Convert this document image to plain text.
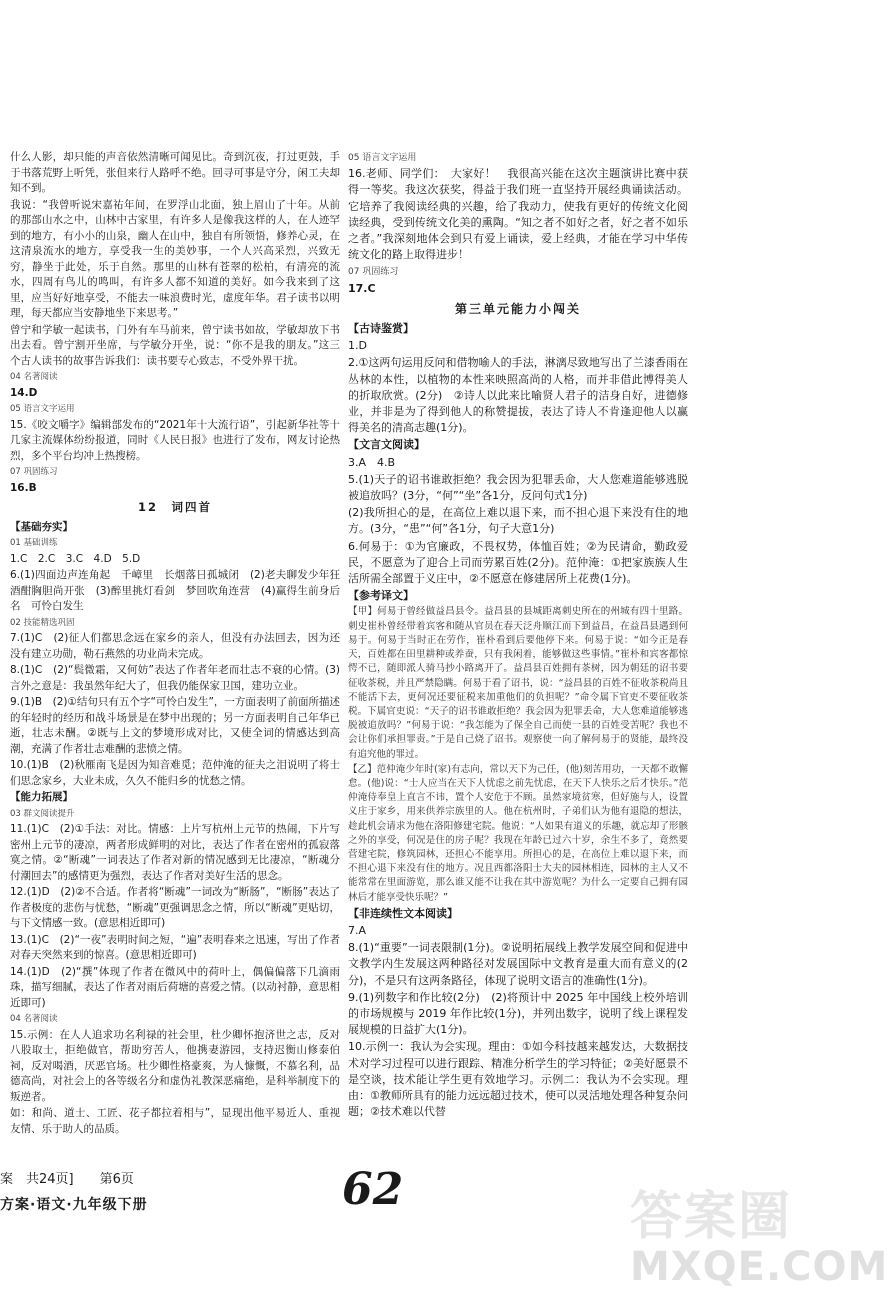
什么人影，却只能的声音依然清晰可闻见比。奇到沉夜，打过更鼓，手于书落荒野上听凭，张但来行人路呼不绝。回寻可事是守分，闲工夫却知不到。

我说：“我曾听说宋嘉祐年间，在罗浮山北面，独上眉山了十年。从前的那部山水之中，山林中古家里，有许多人是像我这样的人，在人迹罕到的地方，有小小的山泉，幽人在山中，独自有所领悟，修养心灵，在这清泉流水的地方，享受我一生的美妙事，一个人兴高采烈，兴致无穷，静坐于此处，乐于自然。那里的山林有苍翠的松柏，有清亮的流水，四周有鸟儿的鸣叫，有许多人都不知道的美好。如今我来到了这里，应当好好地享受，不能去一味浪费时光，虚度年华。君子读书以明理，每天都应当安静地坐下来思考。”

曾宁和学敏一起读书，门外有车马前来，曾宁读书如故，学敏却放下书出去看。曾宁割开坐席，与学敏分开坐，说：“你不是我的朋友。”这三个古人读书的故事告诉我们：读书要专心致志，不受外界干扰。

04 名著阅读

14.D

05 语言文字运用

15.《咬文嚼字》编辑部发布的“2021年十大流行语”，引起新华社等十几家主流媒体纷纷报道，同时《人民日报》也进行了发布，网友讨论热烈，多个平台均冲上热搜榜。

07 巩固练习

16.B

12　词四首

【基础夯实】

01 基础训练

1.C　2.C　3.C　4.D　5.D

6.(1)四面边声连角起　千嶂里　长烟落日孤城闭　(2)老夫聊发少年狂　酒酣胸胆尚开张　(3)醉里挑灯看剑　梦回吹角连营　(4)赢得生前身后名　可怜白发生

02 技能精选巩固

7.(1)C　(2)征人们都思念远在家乡的亲人，但没有办法回去，因为还没有建立功勋，勒石燕然的功业尚未完成。

8.(1)C　(2)“鬓微霜，又何妨”表达了作者年老而壮志不衰的心情。(3)言外之意是：我虽然年纪大了，但我仍能保家卫国，建功立业。

9.(1)B　(2)①结句只有五个字“可怜白发生”，一方面表明了前面所描述的年轻时的经历和战斗场景是在梦中出现的；另一方面表明自己年华已逝，壮志未酬。②既与上文的梦境形成对比，又使全词的情感达到高潮，充满了作者壮志难酬的悲愤之情。

10.(1)B　(2)秋雁南飞是因为知音难觅；范仲淹的征夫之泪说明了将士们思念家乡，大业未成，久久不能归乡的忧愁之情。

【能力拓展】

03 群文阅读提升

11.(1)C　(2)①手法：对比。情感：上片写杭州上元节的热闹，下片写密州上元节的凄凉，两者形成鲜明的对比，表达了作者在密州的孤寂落寞之情。②“断魂”一词表达了作者对新的情况感到无比凄凉，“断魂分付潮回去”的感情更为强烈，表达了作者对美好生活的思念。

12.(1)D　(2)②不合适。作者将“断魂”一词改为“断肠”，“断肠”表达了作者极度的悲伤与忧愁，“断魂”更强调思念之情，所以“断魂”更贴切，与下文情感一致。(意思相近即可)

13.(1)C　(2)“一夜”表明时间之短，“遍”表明春来之迅速，写出了作者对春天突然来到的惊喜。(意思相近即可)

14.(1)D　(2)“撰”体现了作者在微风中的荷叶上，偶偏偏落下几滴雨珠，描写细腻，表达了作者对雨后荷塘的喜爱之情。(以动衬静，意思相近即可)

04 名著阅读

15.示例：在人人追求功名利禄的社会里，杜少卿怀抱济世之志，反对八股取士，拒绝做官，帮助穷苦人，他携妻游园，支持迟衡山修泰伯祠，反对喝酒，厌恶官场。杜少卿性格豪爽，为人慷慨，不慕名利，品德高尚，对社会上的各等级名分和虚伪礼教深恶痛绝，是科举制度下的叛逆者。

如：和尚、道士、工匠、花子都拉着相与”，显现出他平易近人、重视友情、乐于助人的品质。

05 语言文字运用

16.老师、同学们：　大家好！　我很高兴能在这次主题演讲比赛中获得一等奖。我这次获奖，得益于我们班一直坚持开展经典诵读活动。它培养了我阅读经典的兴趣，给了我动力，使我有更好的传统文化阅读经典，受到传统文化美的熏陶。“知之者不如好之者，好之者不如乐之者。”我深刻地体会到只有爱上诵读，爱上经典，才能在学习中华传统文化的路上取得进步！

07 巩固练习

17.C

第三单元能力小闯关

【古诗鉴赏】

1.D

2.①这两句运用反问和借物喻人的手法，淋漓尽致地写出了兰漆香雨在丛林的本性，以植物的本性来映照高尚的人格，而并非借此博得美人的折取欣赏。(2分)　②诗人以此来比喻贤人君子的洁身自好，进德修业，并非是为了得到他人的称赞提拔，表达了诗人不肯逢迎他人以赢得美名的清高志趣(1分)。

【文言文阅读】

3.A　4.B

5.(1)天子的诏书谁敢拒绝？我会因为犯罪丢命，大人您难道能够逃脱被追放吗？(3分，“何”“坐”各1分，反问句式1分)

(2)我所担心的是，在高位上难以退下来，而不担心退下来没有住的地方。(3分，“患”“何”各1分，句子大意1分)

6.何易于：①为官廉政，不畏权势，体恤百姓；②为民请命，勤政爱民，不愿意为了迎合上司而劳累百姓(2分)。范仲淹：①把家族族人生活所需全部置于义庄中，②不愿意在修建居所上花费(1分)。

【参考译文】

【甲】何易于曾经做益昌县令。益昌县的县城距离刺史所在的州城有四十里路。刺史崔朴曾经带着宾客和随从官员在春天泛舟顺江而下到益昌，在益昌县遇到何易于。何易于当时正在劳作，崔朴看到后要他停下来。何易于说：“如今正是春天，百姓都在田里耕种或养蚕，只有我闲着，能够做这些事情。”崔朴和宾客都惊愕不已，随即派人骑马抄小路离开了。益昌县百姓拥有茶树，因为朝廷的诏书要征收茶税，并且严禁隐瞒。何易于看了诏书，说：“益昌县的百姓不征收茶税尚且不能活下去，更何况还要征税来加重他们的负担呢？”命令属下官吏不要征收茶税。下属官吏说：“天子的诏书谁敢拒绝？我会因为犯罪丢命，大人您难道能够逃脱被追放吗？”何易于说：“我怎能为了保全自己而使一县的百姓受苦呢？我也不会让你们承担罪责。”于是自己烧了诏书。观察使一向了解何易于的贤能，最终没有追究他的罪过。

【乙】范仲淹少年时(家)有志向，常以天下为己任，(他)刻苦用功，一天都不敢懈怠。(他)说：“士人应当在天下人忧虑之前先忧虑，在天下人快乐之后才快乐。”范仲淹侍奉皇上直言不讳，置个人安危于不顾。虽然家境贫寒，但好施与人，设置义庄于家乡，用来供养宗族里的人。他在杭州时，子弟们认为他有退隐的想法，趁此机会请求为他在洛阳修建宅院。他说：“人如果有道义的乐趣，就忘却了形骸之外的享受，何况是住的房子呢？我现在年龄已过六十岁，余生不多了，竟然要营建宅院，修筑园林，还担心不能享用。所担心的是，在高位上难以退下来，而不担心退下来没有住的地方。况且西都洛阳士大夫的园林相连，园林的主人又不能常常在里面游览，那么谁又能不让我在其中游览呢？为什么一定要自己拥有园林后才能享受快乐呢？”

【非连续性文本阅读】

7.A

8.(1)“重要”一词表限制(1分)。②说明拓展线上教学发展空间和促进中文教学内生发展这两种路径对发展国际中文教育是重大而有意义的(2分)，不是只有这两条路径，体现了说明文语言的准确性(1分)。

9.(1)列数字和作比较(2分)　(2)将预计中 2025 年中国线上校外培训的市场规模与 2019 年作比较(1分)，并列出数字，说明了线上课程发展规模的日益扩大(1分)。

10.示例一：我认为会实现。理由：①如今科技越来越发达，大数据技术对学习过程可以进行跟踪、精准分析学生的学习特征；②美好愿景不是空谈，技术能让学生更有效地学习。示例二：我认为不会实现。理由：①教师所具有的能力远远超过技术，使可以灵活地处理各种复杂问题；②技术难以代替

案　共24页]　　第6页
方案·语文·九年级下册	62	答案圈
MXQE.COM
